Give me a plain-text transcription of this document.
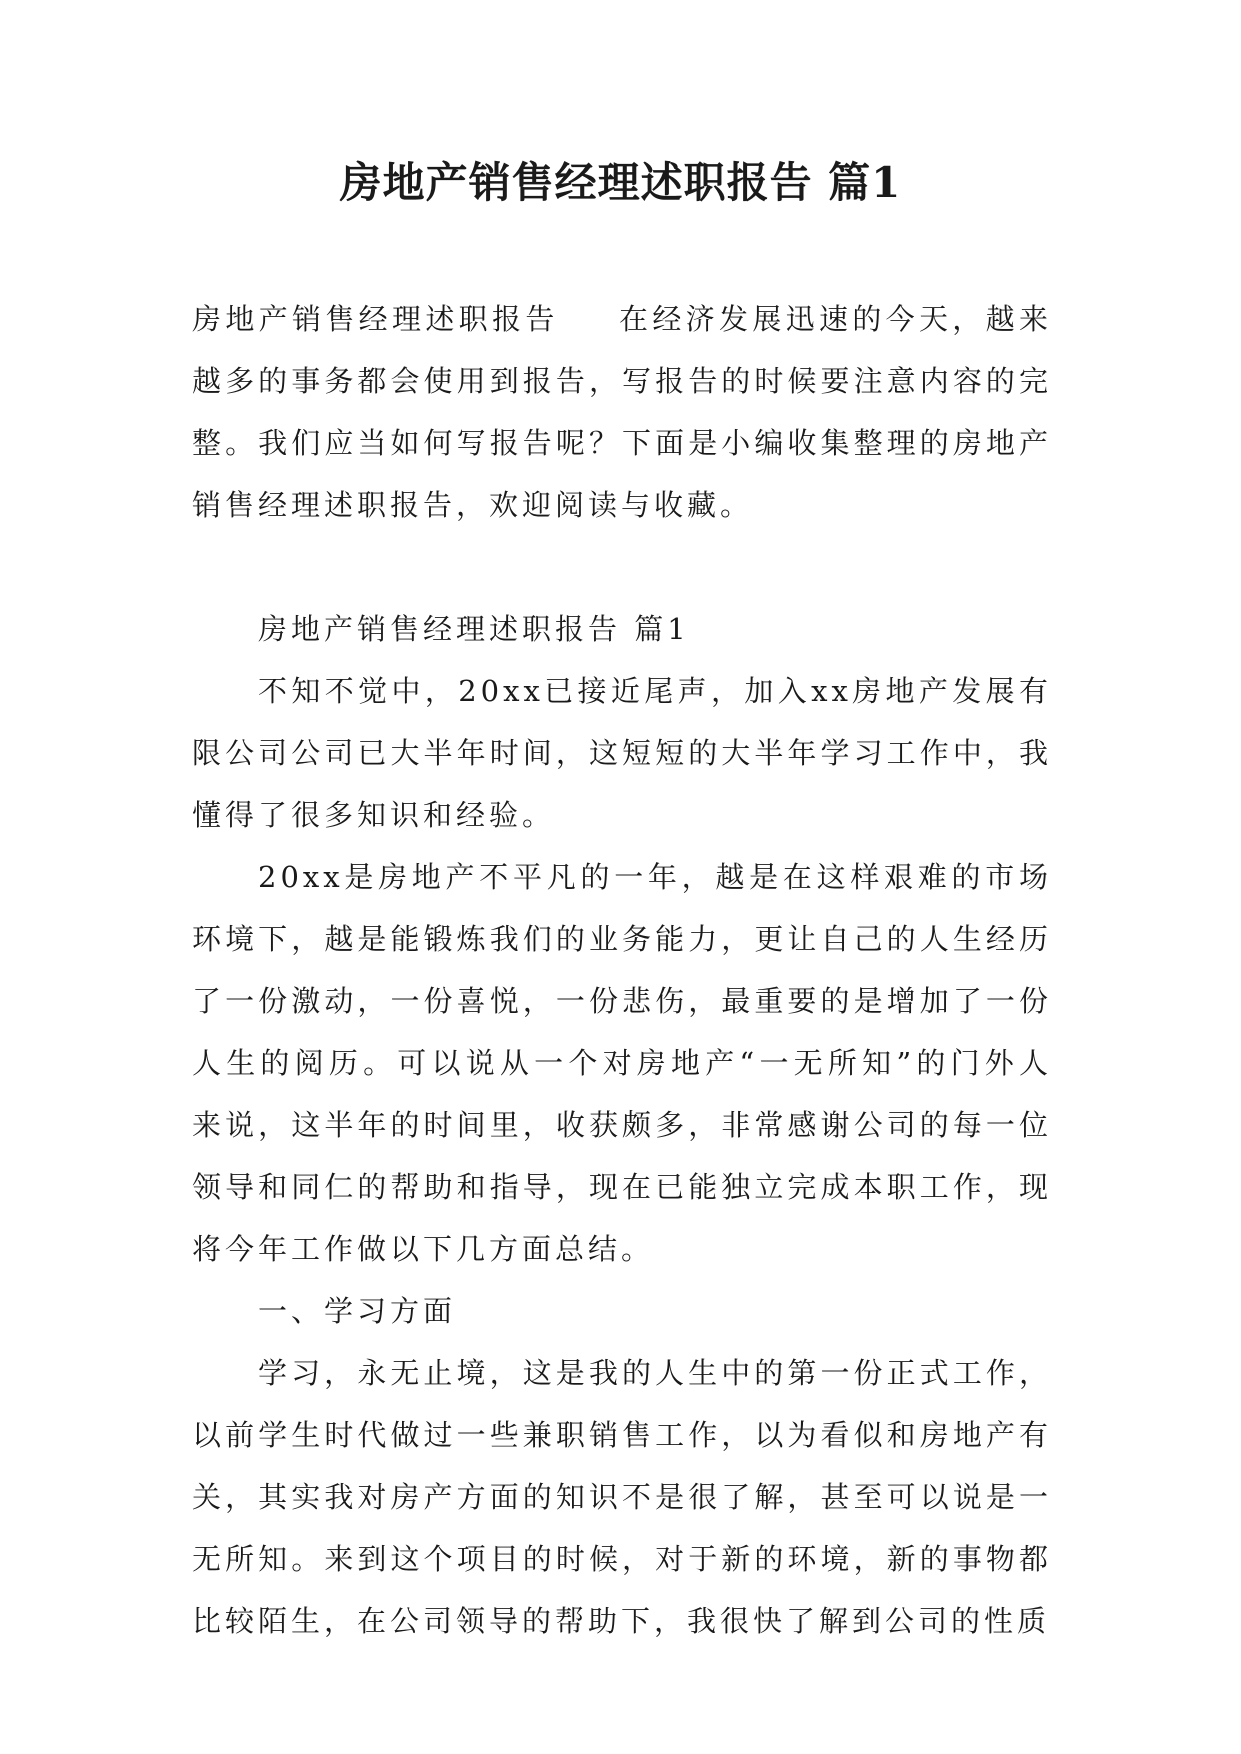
房地产销售经理述职报告 篇1

房地产销售经理述职报告 在经济发展迅速的今天，越来越多的事务都会使用到报告，写报告的时候要注意内容的完整。我们应当如何写报告呢？下面是小编收集整理的房地产销售经理述职报告，欢迎阅读与收藏。

房地产销售经理述职报告 篇1

不知不觉中，20xx已接近尾声，加入xx房地产发展有限公司公司已大半年时间，这短短的大半年学习工作中，我懂得了很多知识和经验。

20xx是房地产不平凡的一年，越是在这样艰难的市场环境下，越是能锻炼我们的业务能力，更让自己的人生经历了一份激动，一份喜悦，一份悲伤，最重要的是增加了一份人生的阅历。可以说从一个对房地产“一无所知”的门外人来说，这半年的时间里，收获颇多，非常感谢公司的每一位领导和同仁的帮助和指导，现在已能独立完成本职工作，现将今年工作做以下几方面总结。

一、学习方面

学习，永无止境，这是我的人生中的第一份正式工作，以前学生时代做过一些兼职销售工作，以为看似和房地产有关，其实我对房产方面的知识不是很了解，甚至可以说是一无所知。来到这个项目的时候，对于新的环境，新的事物都比较陌生，在公司领导的帮助下，我很快了解到公司的性质
